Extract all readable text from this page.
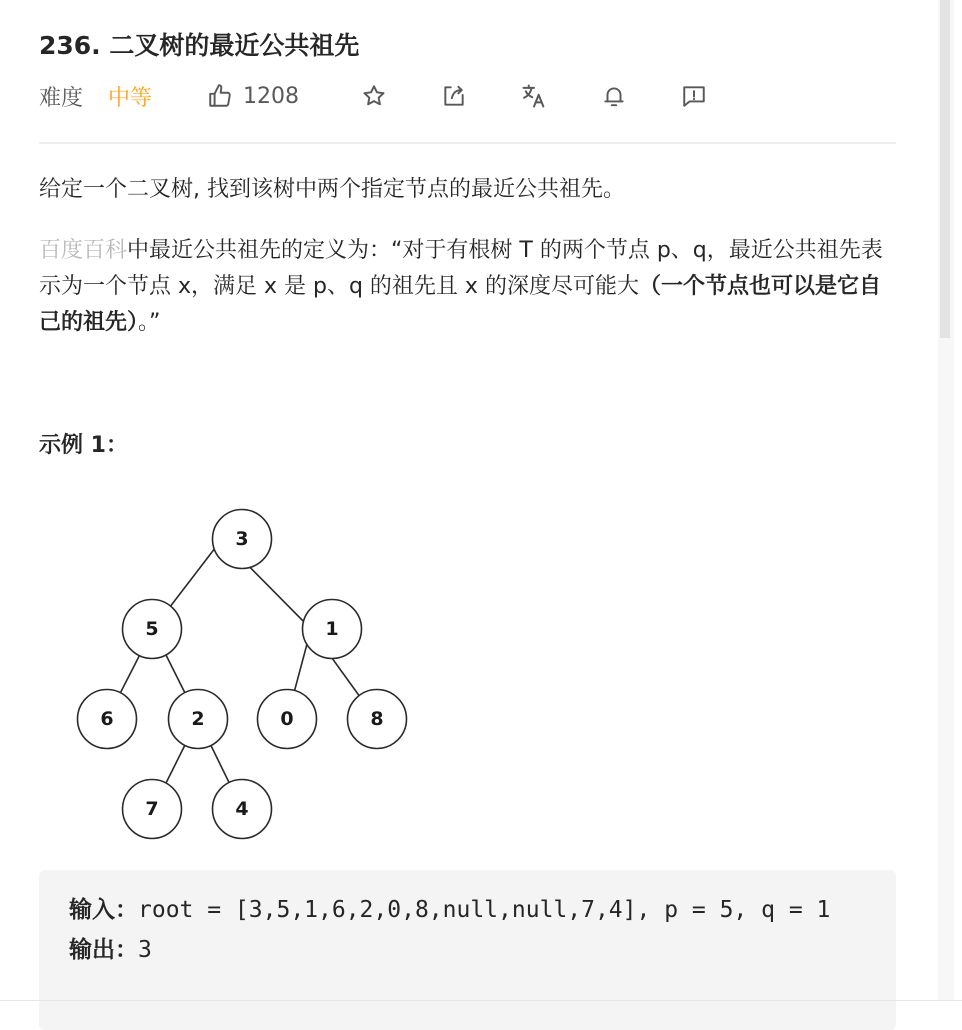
236. 二叉树的最近公共祖先
难度 中等	1208

给定一个二叉树, 找到该树中两个指定节点的最近公共祖先。

百度百科中最近公共祖先的定义为：“对于有根树 T 的两个节点 p、q，最近公共祖先表示为一个节点 x，满足 x 是 p、q 的祖先且 x 的深度尽可能大（一个节点也可以是它自己的祖先）。”

示例 1：
3
5	1
6	2	0	8
7	4
输入：root = [3,5,1,6,2,0,8,null,null,7,4], p = 5, q = 1
输出：3
